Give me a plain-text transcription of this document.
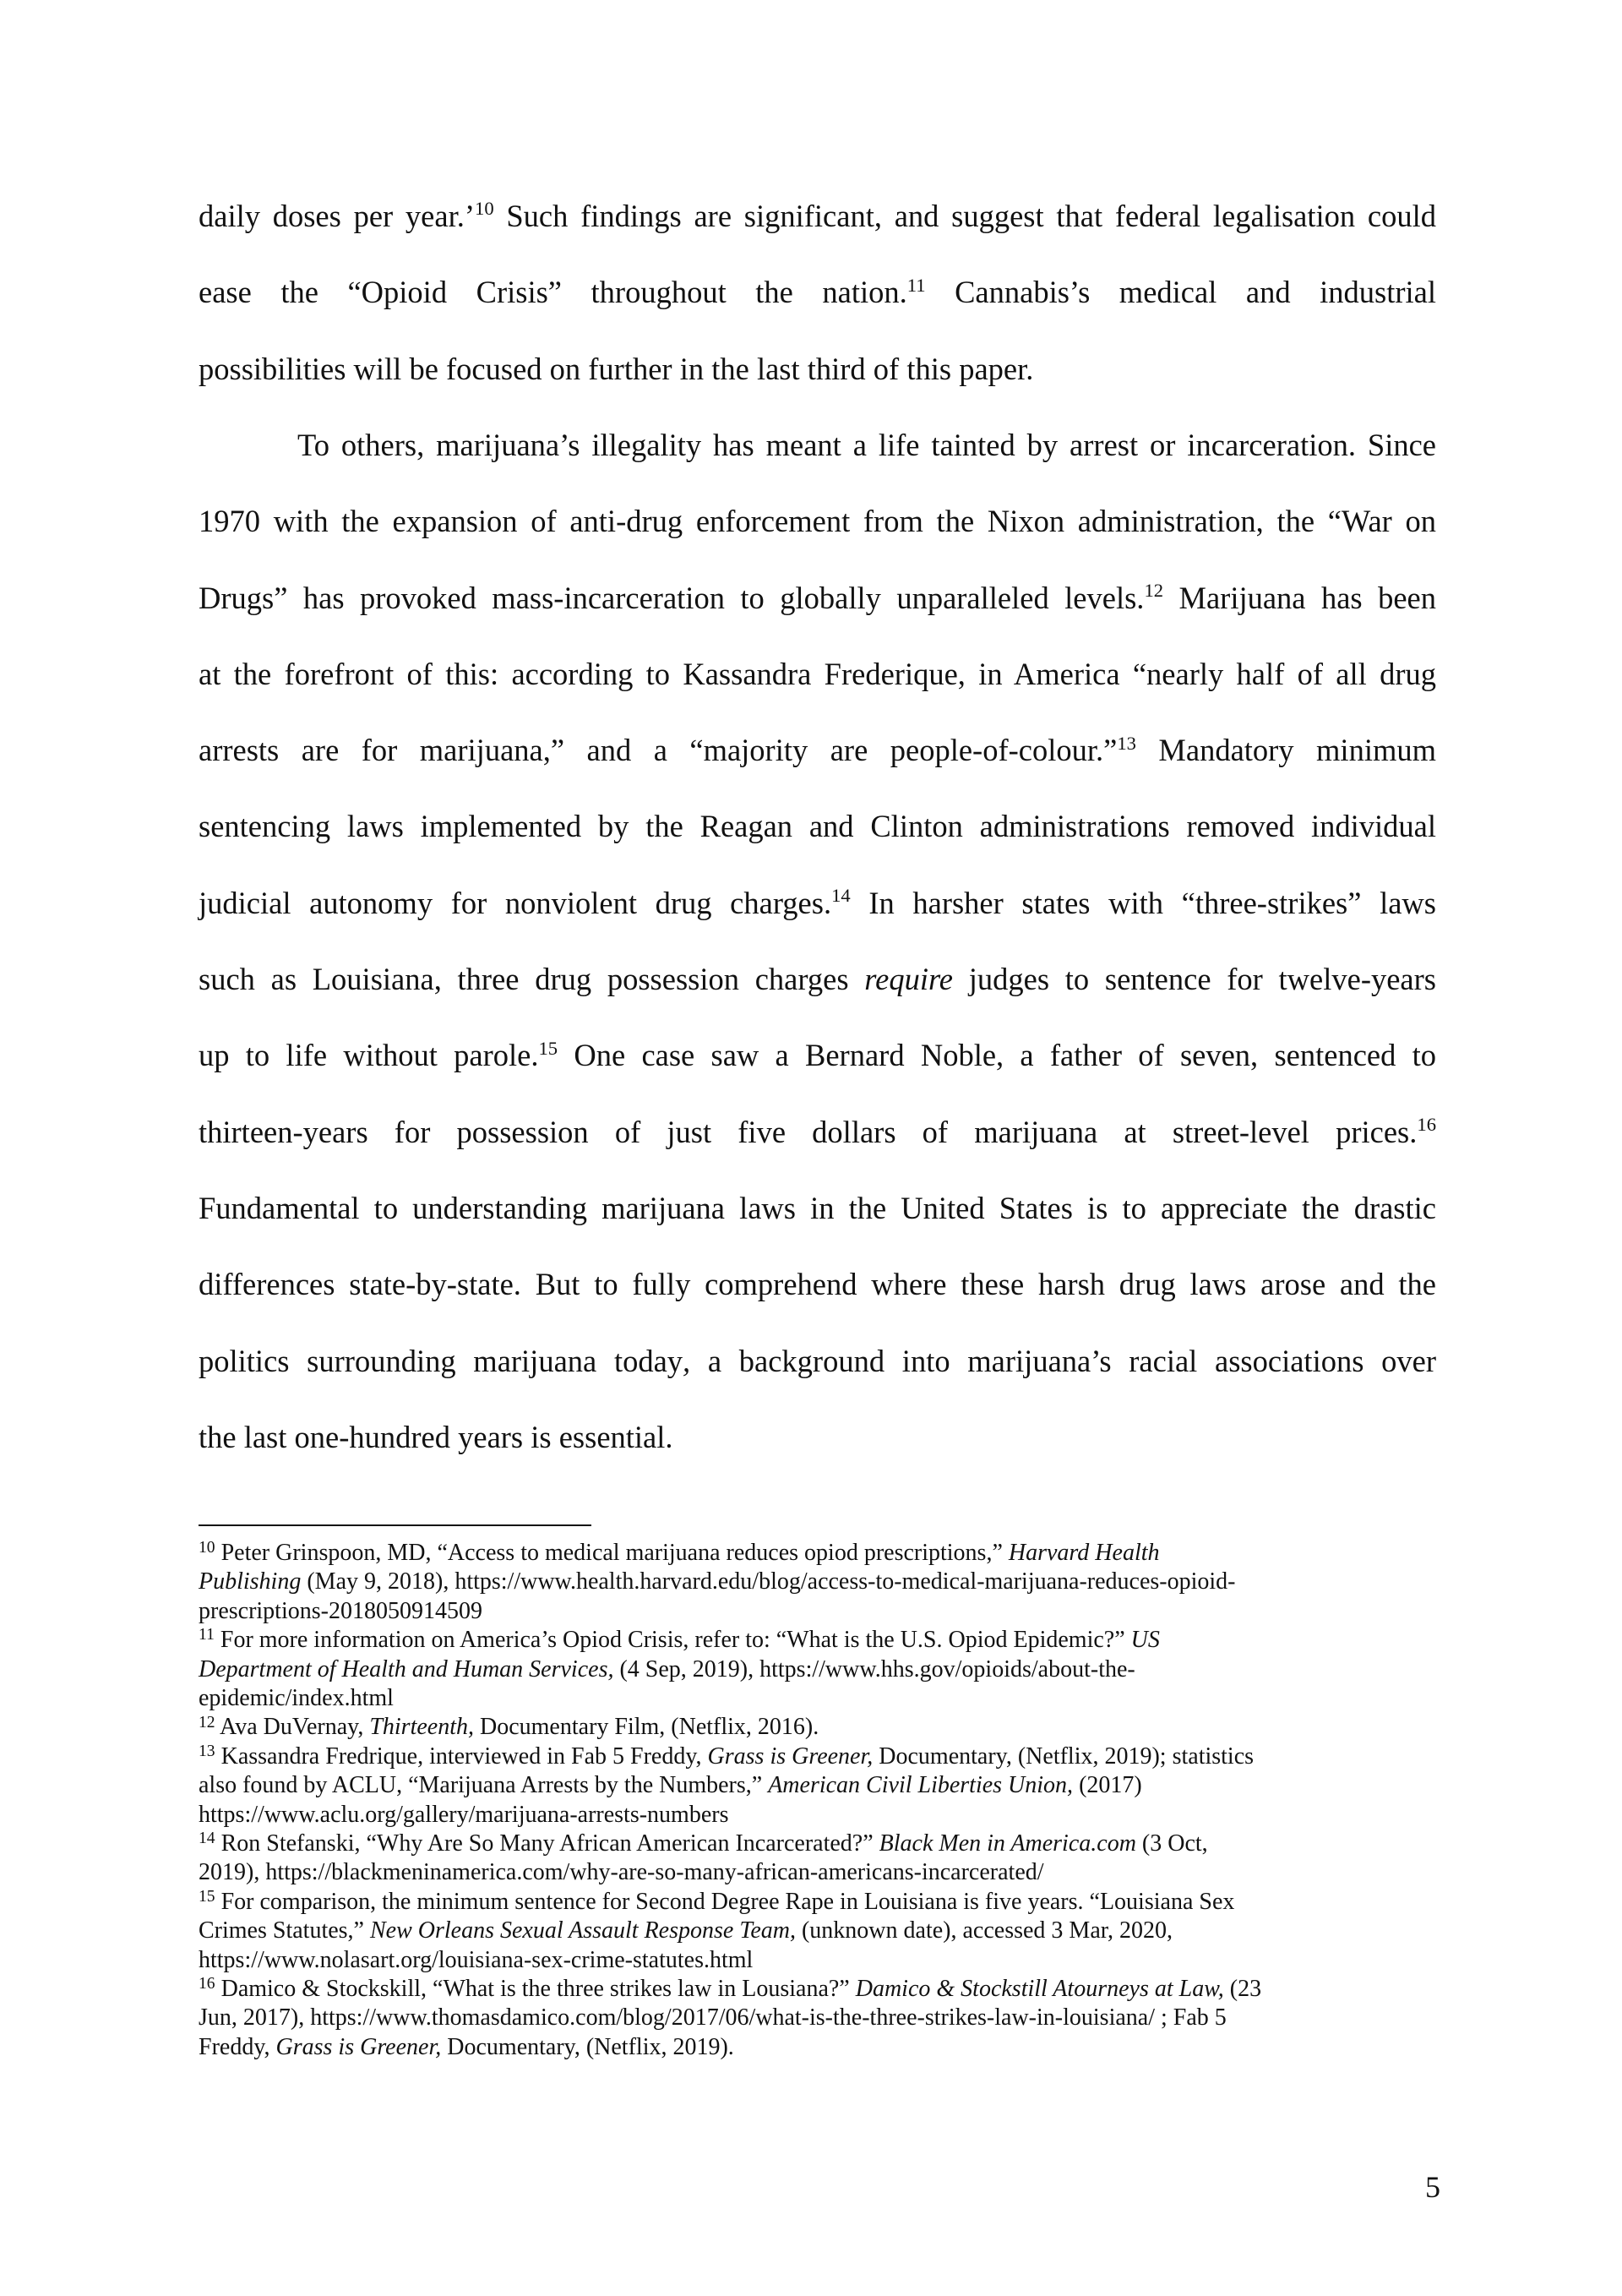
daily doses per year.’$^{10}$ Such findings are significant, and suggest that federal legalisation could
ease the “Opioid Crisis” throughout the nation.$^{11}$ Cannabis’s medical and industrial
possibilities will be focused on further in the last third of this paper.
To others, marijuana’s illegality has meant a life tainted by arrest or incarceration. Since
1970 with the expansion of anti-drug enforcement from the Nixon administration, the “War on
Drugs” has provoked mass-incarceration to globally unparalleled levels.$^{12}$ Marijuana has been
at the forefront of this: according to Kassandra Frederique, in America “nearly half of all drug
arrests are for marijuana,” and a “majority are people-of-colour.”$^{13}$ Mandatory minimum
sentencing laws implemented by the Reagan and Clinton administrations removed individual
judicial autonomy for nonviolent drug charges.$^{14}$ In harsher states with “three-strikes” laws
such as Louisiana, three drug possession charges require judges to sentence for twelve-years
up to life without parole.$^{15}$ One case saw a Bernard Noble, a father of seven, sentenced to
thirteen-years for possession of just five dollars of marijuana at street-level prices.$^{16}$
Fundamental to understanding marijuana laws in the United States is to appreciate the drastic
differences state-by-state. But to fully comprehend where these harsh drug laws arose and the
politics surrounding marijuana today, a background into marijuana’s racial associations over
the last one-hundred years is essential.
$^{10}$ Peter Grinspoon, MD, “Access to medical marijuana reduces opiod prescriptions,” Harvard Health
Publishing (May 9, 2018), https://www.health.harvard.edu/blog/access-to-medical-marijuana-reduces-opioid-
prescriptions-2018050914509
$^{11}$ For more information on America’s Opiod Crisis, refer to: “What is the U.S. Opiod Epidemic?” US
Department of Health and Human Services, (4 Sep, 2019), https://www.hhs.gov/opioids/about-the-
epidemic/index.html
$^{12}$ Ava DuVernay, Thirteenth, Documentary Film, (Netflix, 2016).
$^{13}$ Kassandra Fredrique, interviewed in Fab 5 Freddy, Grass is Greener, Documentary, (Netflix, 2019); statistics
also found by ACLU, “Marijuana Arrests by the Numbers,” American Civil Liberties Union, (2017)
https://www.aclu.org/gallery/marijuana-arrests-numbers
$^{14}$ Ron Stefanski, “Why Are So Many African American Incarcerated?” Black Men in America.com (3 Oct,
2019), https://blackmeninamerica.com/why-are-so-many-african-americans-incarcerated/
$^{15}$ For comparison, the minimum sentence for Second Degree Rape in Louisiana is five years. “Louisiana Sex
Crimes Statutes,” New Orleans Sexual Assault Response Team, (unknown date), accessed 3 Mar, 2020,
https://www.nolasart.org/louisiana-sex-crime-statutes.html
$^{16}$ Damico & Stockskill, “What is the three strikes law in Lousiana?” Damico & Stockstill Atourneys at Law, (23
Jun, 2017), https://www.thomasdamico.com/blog/2017/06/what-is-the-three-strikes-law-in-louisiana/ ; Fab 5
Freddy, Grass is Greener, Documentary, (Netflix, 2019).
5
